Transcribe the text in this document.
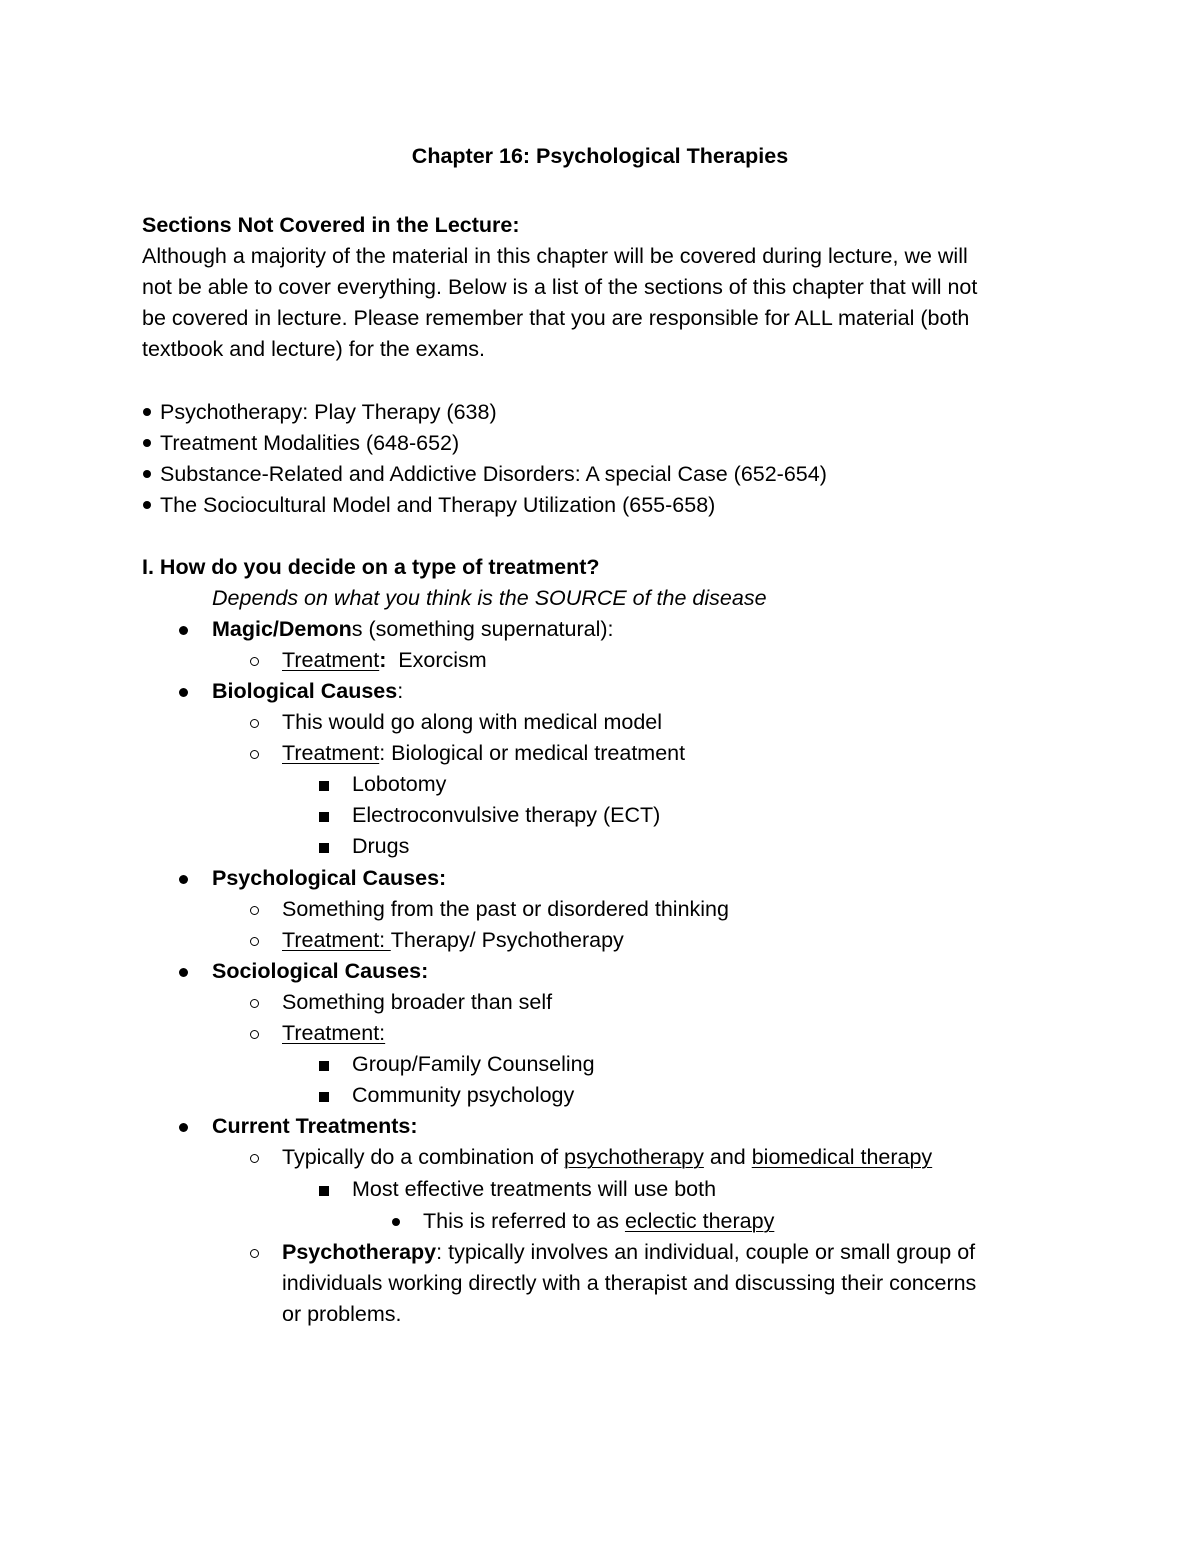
Chapter 16: Psychological Therapies

Sections Not Covered in the Lecture:

Although a majority of the material in this chapter will be covered during lecture, we will

not be able to cover everything. Below is a list of the sections of this chapter that will not

be covered in lecture. Please remember that you are responsible for ALL material (both

textbook and lecture) for the exams.

Psychotherapy: Play Therapy (638)

Treatment Modalities (648-652)

Substance-Related and Addictive Disorders: A special Case (652-654)

The Sociocultural Model and Therapy Utilization (655-658)

I. How do you decide on a type of treatment?

Depends on what you think is the SOURCE of the disease

Magic/Demons (something supernatural):

Treatment:  Exorcism

Biological Causes:

This would go along with medical model

Treatment: Biological or medical treatment

Lobotomy

Electroconvulsive therapy (ECT)

Drugs

Psychological Causes:

Something from the past or disordered thinking

Treatment: Therapy/ Psychotherapy

Sociological Causes:

Something broader than self

Treatment:

Group/Family Counseling

Community psychology

Current Treatments:

Typically do a combination of psychotherapy and biomedical therapy

Most effective treatments will use both

This is referred to as eclectic therapy

Psychotherapy: typically involves an individual, couple or small group of

individuals working directly with a therapist and discussing their concerns

or problems.
